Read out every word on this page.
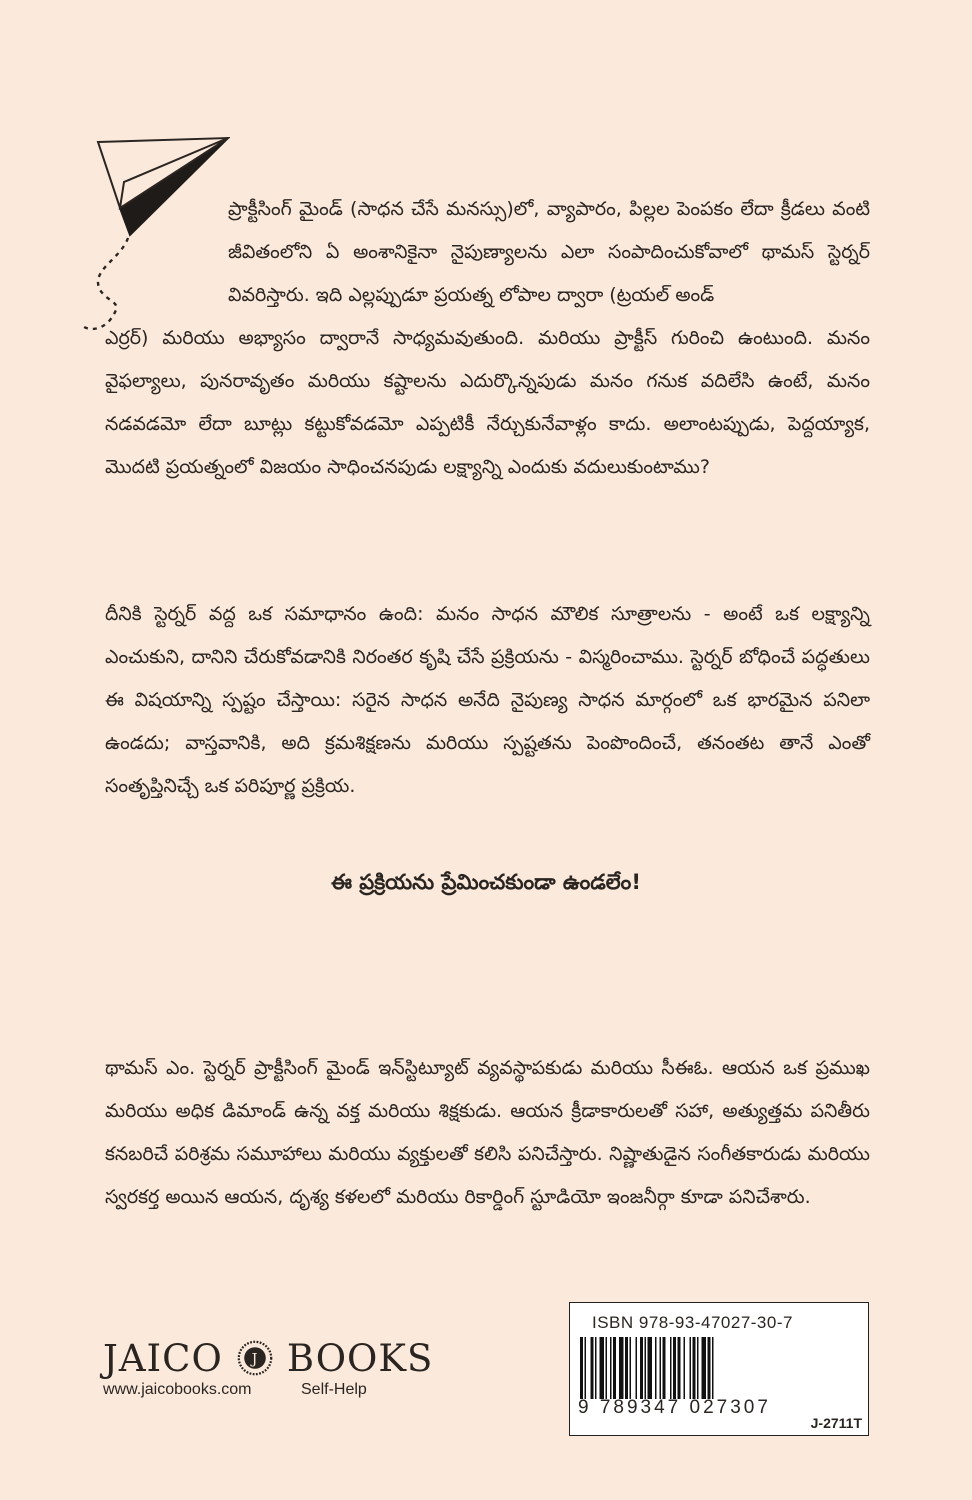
ప్రాక్టీసింగ్ మైండ్ (సాధన చేసే మనస్సు)లో, వ్యాపారం, పిల్లల పెంపకం లేదా క్రీడలు వంటి జీవితంలోని ఏ అంశానికైనా నైపుణ్యాలను ఎలా సంపాదించుకోవాలో థామస్ స్టెర్నర్ వివరిస్తారు. ఇది ఎల్లప్పుడూ ప్రయత్న లోపాల ద్వారా (ట్రయల్ అండ్

ఎర్రర్) మరియు అభ్యాసం ద్వారానే సాధ్యమవుతుంది. మరియు ప్రాక్టీస్ గురించి ఉంటుంది. మనం వైఫల్యాలు, పునరావృతం మరియు కష్టాలను ఎదుర్కొన్నపుడు మనం గనుక వదిలేసి ఉంటే, మనం నడవడమో లేదా బూట్లు కట్టుకోవడమో ఎప్పటికీ నేర్చుకునేవాళ్లం కాదు. అలాంటప్పుడు, పెద్దయ్యాక, మొదటి ప్రయత్నంలో విజయం సాధించనపుడు లక్ష్యాన్ని ఎందుకు వదులుకుంటాము?

దీనికి స్టెర్నర్ వద్ద ఒక సమాధానం ఉంది: మనం సాధన మౌలిక సూత్రాలను - అంటే ఒక లక్ష్యాన్ని ఎంచుకుని, దానిని చేరుకోవడానికి నిరంతర కృషి చేసే ప్రక్రియను - విస్మరించాము. స్టెర్నర్ బోధించే పద్ధతులు ఈ విషయాన్ని స్పష్టం చేస్తాయి: సరైన సాధన అనేది నైపుణ్య సాధన మార్గంలో ఒక భారమైన పనిలా ఉండదు; వాస్తవానికి, అది క్రమశిక్షణను మరియు స్పష్టతను పెంపొందించే, తనంతట తానే ఎంతో సంతృప్తినిచ్చే ఒక పరిపూర్ణ ప్రక్రియ.

ఈ ప్రక్రియను ప్రేమించకుండా ఉండలేం!

థామస్ ఎం. స్టెర్నర్ ప్రాక్టీసింగ్ మైండ్ ఇన్‌స్టిట్యూట్ వ్యవస్థాపకుడు మరియు సీఈఓ. ఆయన ఒక ప్రముఖ మరియు అధిక డిమాండ్ ఉన్న వక్త మరియు శిక్షకుడు. ఆయన క్రీడాకారులతో సహా, అత్యుత్తమ పనితీరు కనబరిచే పరిశ్రమ సమూహాలు మరియు వ్యక్తులతో కలిసి పనిచేస్తారు. నిష్ణాతుడైన సంగీతకారుడు మరియు స్వరకర్త అయిన ఆయన, దృశ్య కళలలో మరియు రికార్డింగ్ స్టూడియో ఇంజనీర్గా కూడా పనిచేశారు.

JAICO J BOOKS
www.jaicobooks.com	Self-Help
ISBN 978-93-47027-30-7
9 789347 027307
J-2711T
